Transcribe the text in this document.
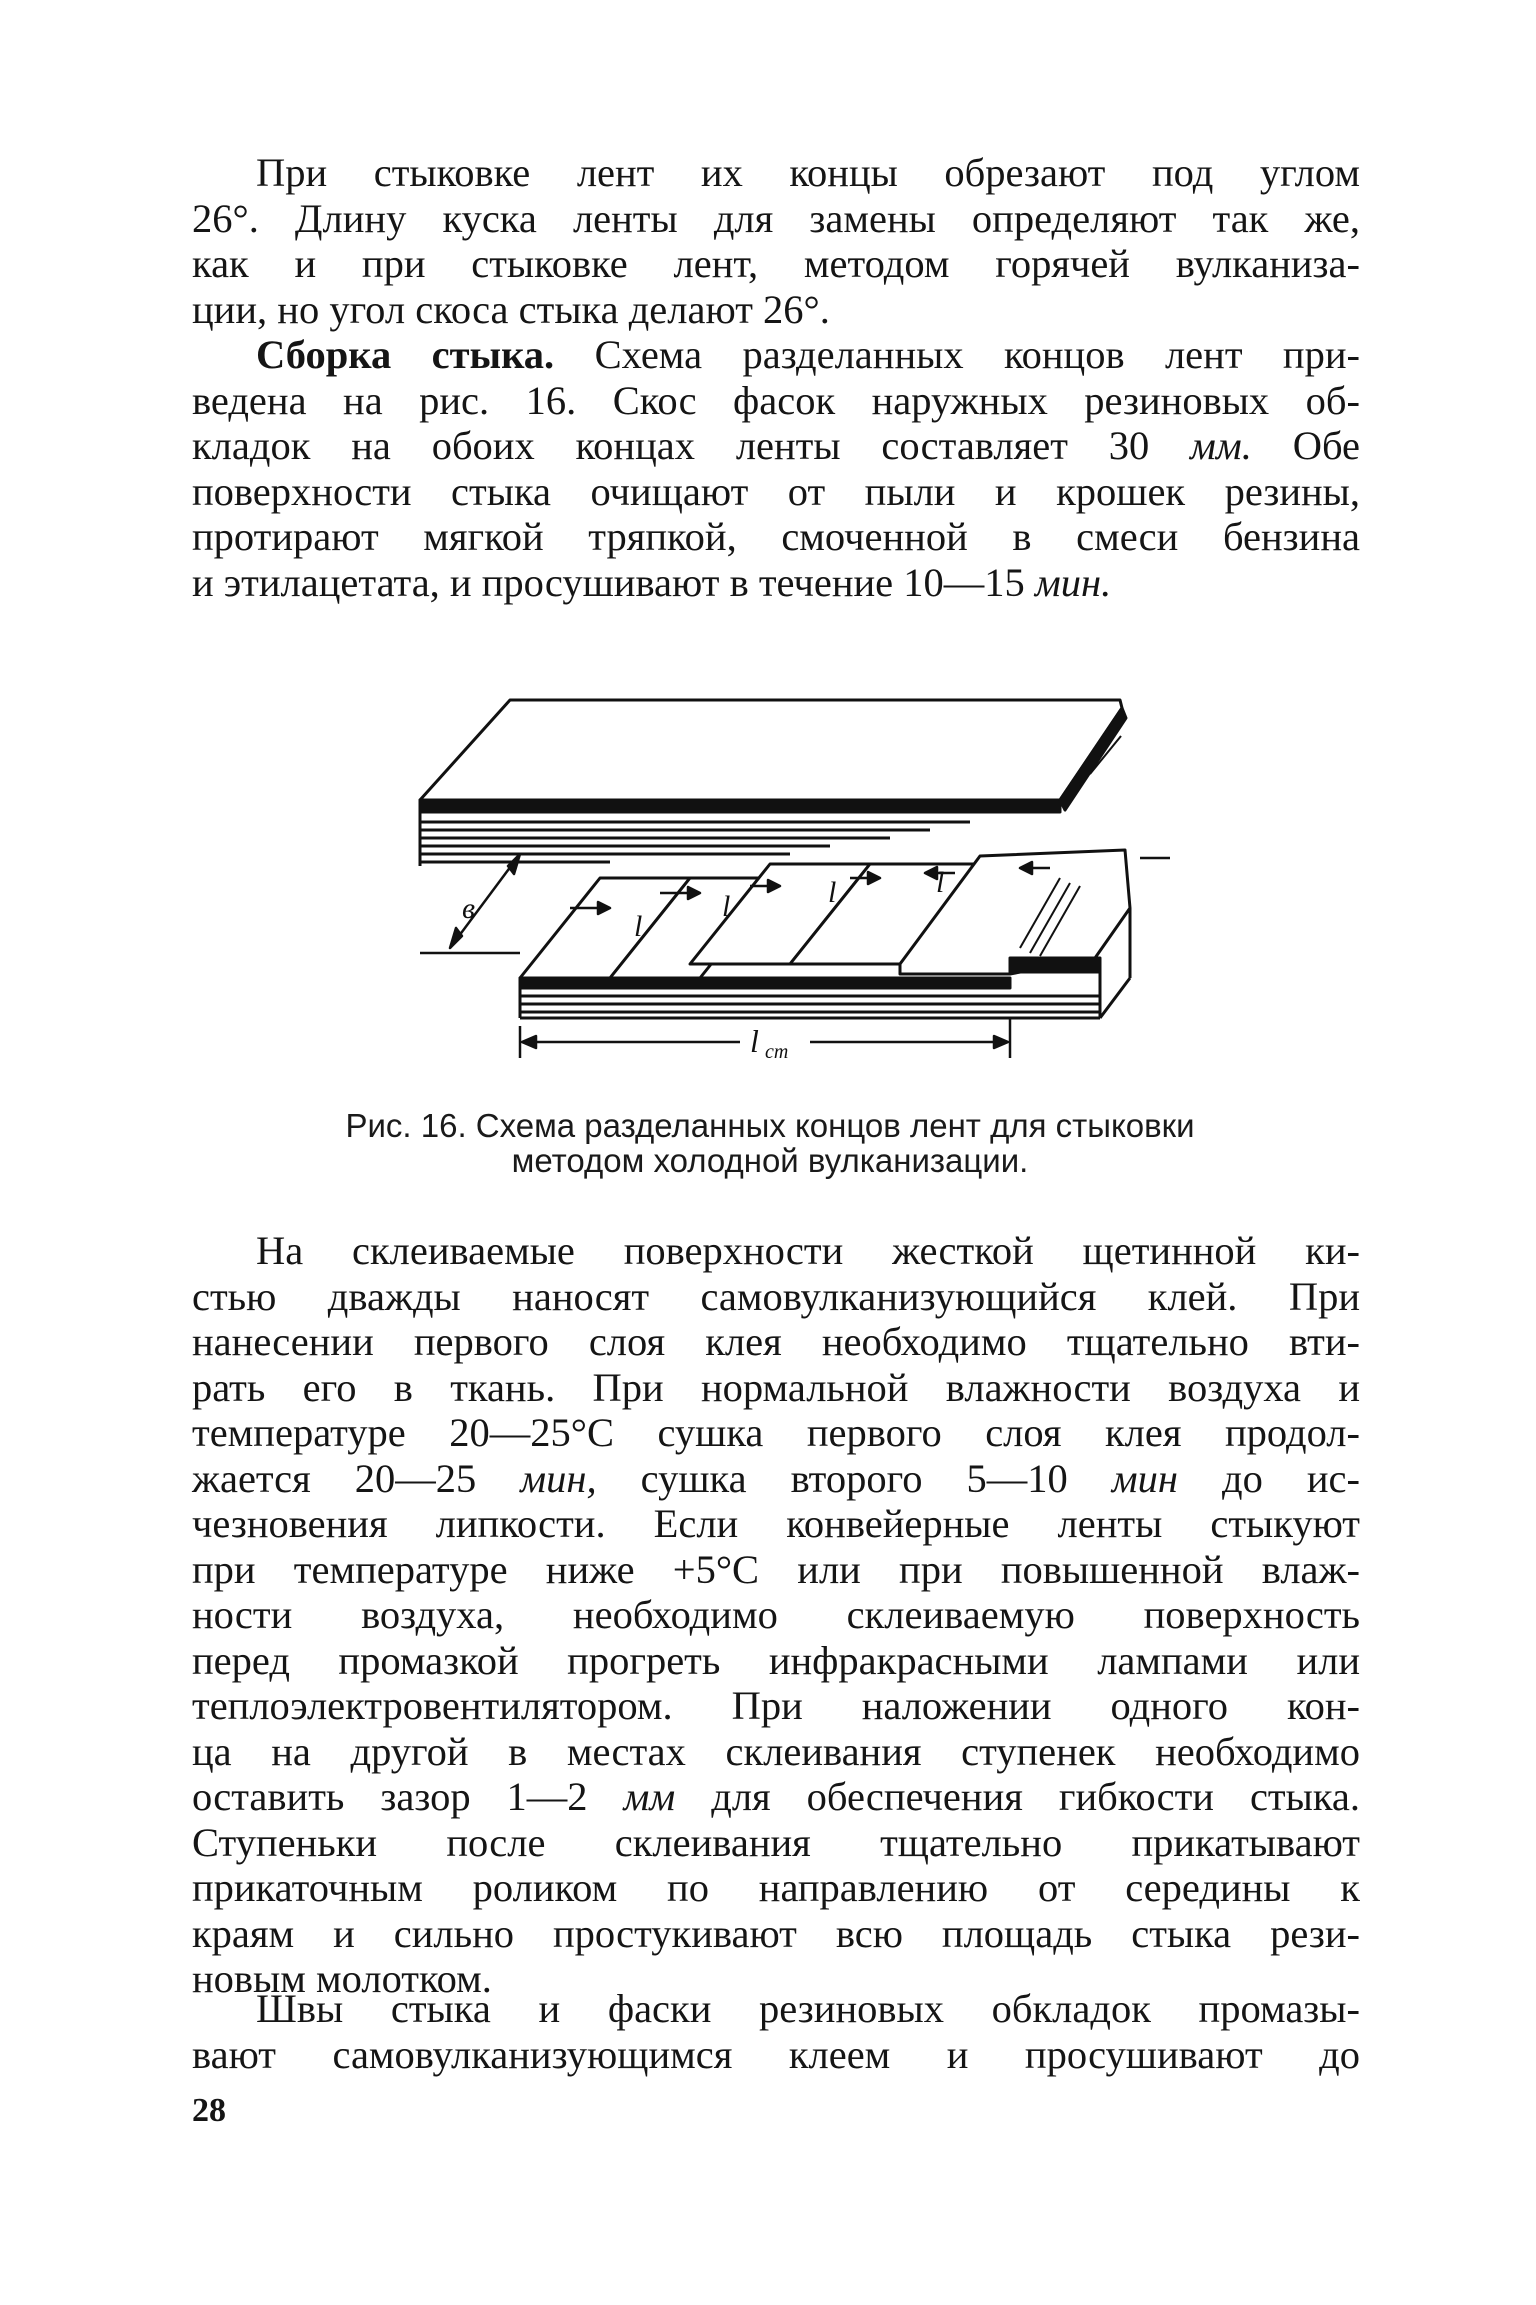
При стыковке лент их концы обрезают под углом
26°. Длину куска ленты для замены определяют так же,
как и при стыковке лент, методом горячей вулканиза-
ции, но угол скоса стыка делают 26°.
Сборка стыка. Схема разделанных концов лент при-
ведена на рис. 16. Скос фасок наружных резиновых об-
кладок на обоих концах ленты составляет 30 мм. Обе
поверхности стыка очищают от пыли и крошек резины,
протирают мягкой тряпкой, смоченной в смеси бензина
и этилацетата, и просушивают в течение 10—15 мин.
в
l
l	l	l
l ст
Рис. 16. Схема разделанных концов лент для стыковки
методом холодной вулканизации.
На склеиваемые поверхности жесткой щетинной ки-
стью дважды наносят самовулканизующийся клей. При
нанесении первого слоя клея необходимо тщательно вти-
рать его в ткань. При нормальной влажности воздуха и
температуре 20—25°С сушка первого слоя клея продол-
жается 20—25 мин, сушка второго 5—10 мин до ис-
чезновения липкости. Если конвейерные ленты стыкуют
при температуре ниже +5°С или при повышенной влаж-
ности воздуха, необходимо склеиваемую поверхность
перед промазкой прогреть инфракрасными лампами или
теплоэлектровентилятором. При наложении одного кон-
ца на другой в местах склеивания ступенек необходимо
оставить зазор 1—2 мм для обеспечения гибкости стыка.
Ступеньки после склеивания тщательно прикатывают
прикаточным роликом по направлению от середины к
краям и сильно простукивают всю площадь стыка рези-
новым молотком.
Швы стыка и фаски резиновых обкладок промазы-
вают самовулканизующимся клеем и просушивают до
28
